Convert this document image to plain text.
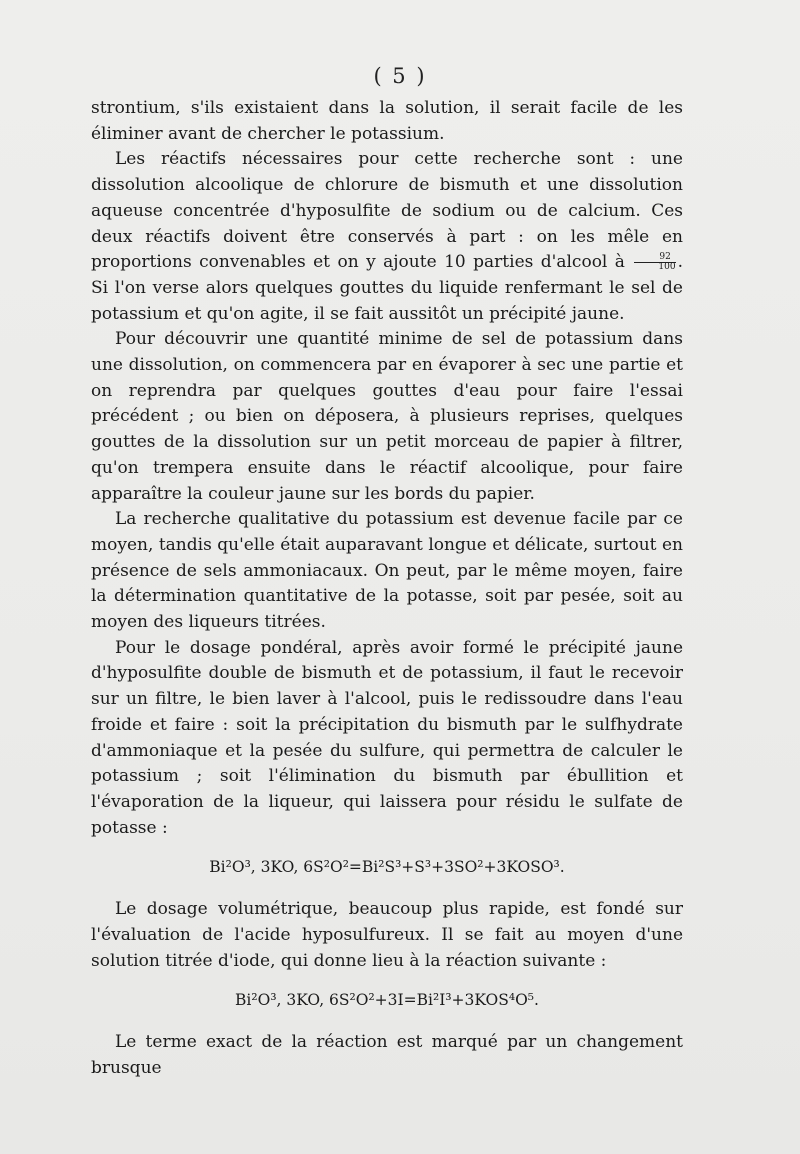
( 5 )

strontium, s'ils existaient dans la solution, il serait facile de les éliminer avant de chercher le potassium.

Les réactifs nécessaires pour cette recherche sont : une dissolution alcoolique de chlorure de bismuth et une dissolution aqueuse concentrée d'hyposulfite de sodium ou de calcium. Ces deux réactifs doivent être conservés à part : on les mêle en proportions convenables et on y ajoute 10 parties d'alcool à $\frac{92}{100}$ . Si l'on verse alors quelques gouttes du liquide renfermant le sel de potassium et qu'on agite, il se fait aussitôt un précipité jaune.

Pour découvrir une quantité minime de sel de potassium dans une dissolution, on commencera par en évaporer à sec une partie et on reprendra par quelques gouttes d'eau pour faire l'essai précédent ; ou bien on déposera, à plusieurs reprises, quelques gouttes de la dissolution sur un petit morceau de papier à filtrer, qu'on trempera ensuite dans le réactif alcoolique, pour faire apparaître la couleur jaune sur les bords du papier.

La recherche qualitative du potassium est devenue facile par ce moyen, tandis qu'elle était auparavant longue et délicate, surtout en présence de sels ammoniacaux. On peut, par le même moyen, faire la détermination quantitative de la potasse, soit par pesée, soit au moyen des liqueurs titrées.

Pour le dosage pondéral, après avoir formé le précipité jaune d'hyposulfite double de bismuth et de potassium, il faut le recevoir sur un filtre, le bien laver à l'alcool, puis le redissoudre dans l'eau froide et faire : soit la précipitation du bismuth par le sulfhydrate d'ammoniaque et la pesée du sulfure, qui permettra de calculer le potassium ; soit l'élimination du bismuth par ébullition et l'évaporation de la liqueur, qui laissera pour résidu le sulfate de potasse :

Bi²O³, 3KO, 6S²O²=Bi²S³+S³+3SO²+3KOSO³.

Le dosage volumétrique, beaucoup plus rapide, est fondé sur l'évaluation de l'acide hyposulfureux. Il se fait au moyen d'une solution titrée d'iode, qui donne lieu à la réaction suivante :

Bi²O³, 3KO, 6S²O²+3I=Bi²I³+3KOS⁴O⁵.

Le terme exact de la réaction est marqué par un changement brusque
